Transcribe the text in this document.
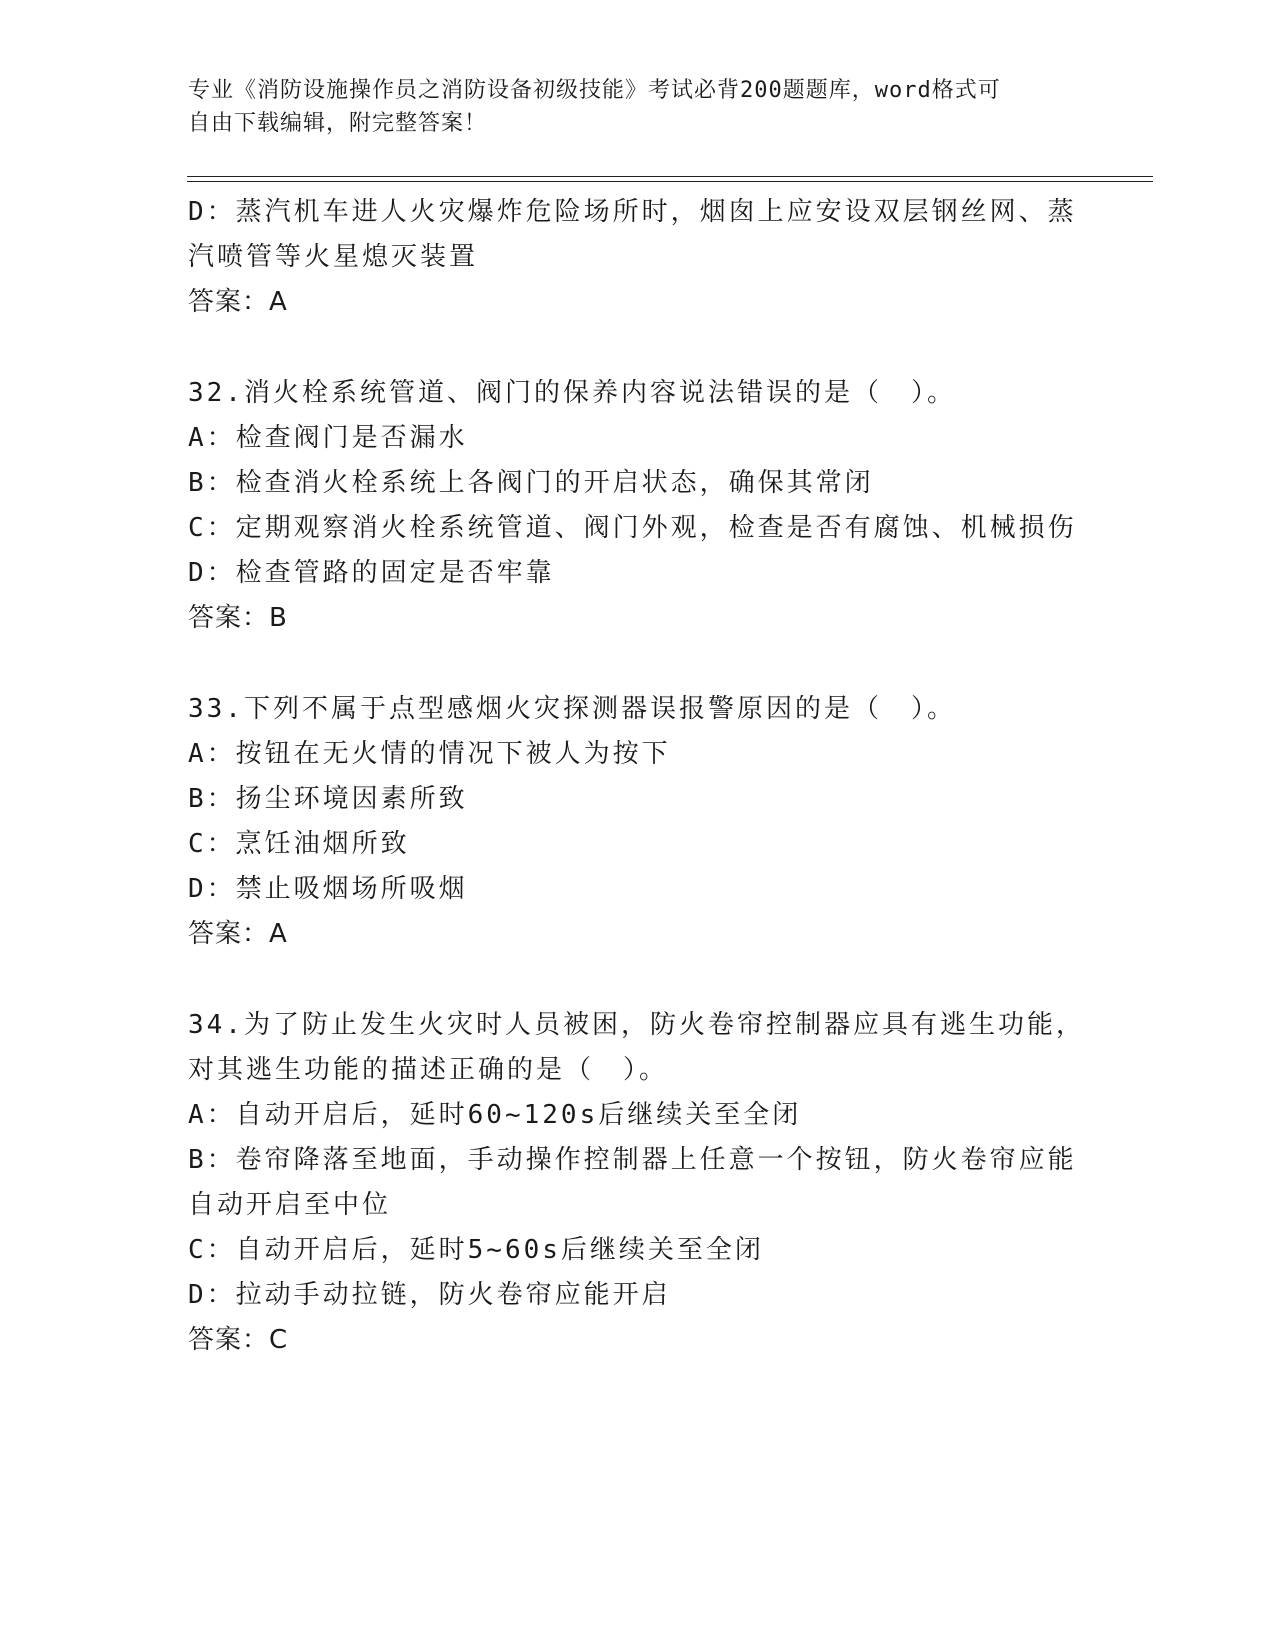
专业《消防设施操作员之消防设备初级技能》考试必背200题题库，word格式可
自由下载编辑，附完整答案！
D：蒸汽机车进人火灾爆炸危险场所时，烟囱上应安设双层钢丝网、蒸
汽喷管等火星熄灭装置
答案：A
32.消火栓系统管道、阀门的保养内容说法错误的是（　）。
A：检查阀门是否漏水
B：检查消火栓系统上各阀门的开启状态，确保其常闭
C：定期观察消火栓系统管道、阀门外观，检查是否有腐蚀、机械损伤
D：检查管路的固定是否牢靠
答案：B
33.下列不属于点型感烟火灾探测器误报警原因的是（　）。
A：按钮在无火情的情况下被人为按下
B：扬尘环境因素所致
C：烹饪油烟所致
D：禁止吸烟场所吸烟
答案：A
34.为了防止发生火灾时人员被困，防火卷帘控制器应具有逃生功能，
对其逃生功能的描述正确的是（　）。
A：自动开启后，延时60~120s后继续关至全闭
B：卷帘降落至地面，手动操作控制器上任意一个按钮，防火卷帘应能
自动开启至中位
C：自动开启后，延时5~60s后继续关至全闭
D：拉动手动拉链，防火卷帘应能开启
答案：C
